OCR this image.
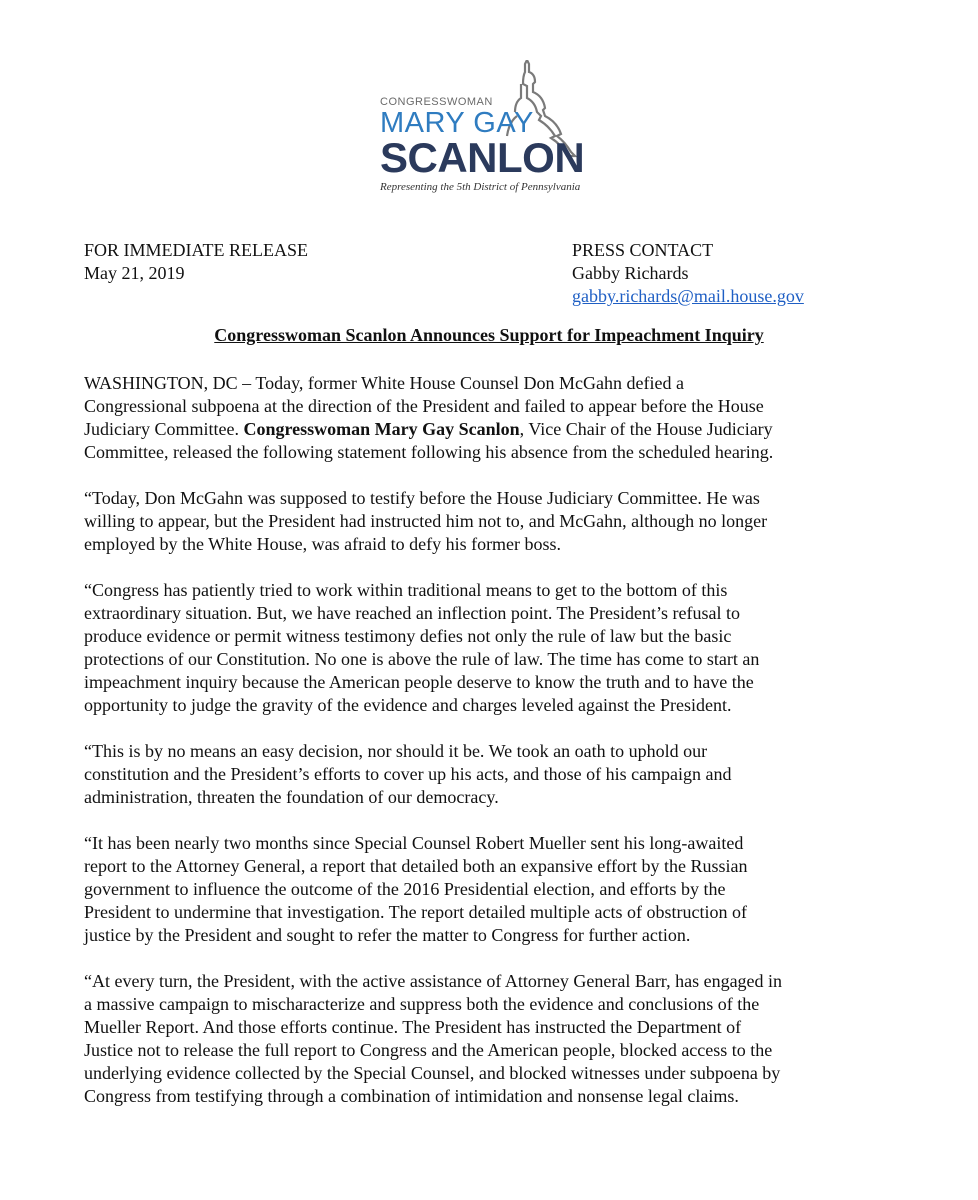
CONGRESSWOMAN
MARY GAY
SCANLON
Representing the 5th District of Pennsylvania
FOR IMMEDIATE RELEASE
May 21, 2019
PRESS CONTACT
Gabby Richards
gabby.richards@mail.house.gov
Congresswoman Scanlon Announces Support for Impeachment Inquiry

WASHINGTON, DC – Today, former White House Counsel Don McGahn defied a
Congressional subpoena at the direction of the President and failed to appear before the House
Judiciary Committee. Congresswoman Mary Gay Scanlon, Vice Chair of the House Judiciary
Committee, released the following statement following his absence from the scheduled hearing.

“Today, Don McGahn was supposed to testify before the House Judiciary Committee. He was
willing to appear, but the President had instructed him not to, and McGahn, although no longer
employed by the White House, was afraid to defy his former boss.

“Congress has patiently tried to work within traditional means to get to the bottom of this
extraordinary situation. But, we have reached an inflection point. The President’s refusal to
produce evidence or permit witness testimony defies not only the rule of law but the basic
protections of our Constitution. No one is above the rule of law. The time has come to start an
impeachment inquiry because the American people deserve to know the truth and to have the
opportunity to judge the gravity of the evidence and charges leveled against the President.

“This is by no means an easy decision, nor should it be. We took an oath to uphold our
constitution and the President’s efforts to cover up his acts, and those of his campaign and
administration, threaten the foundation of our democracy.

“It has been nearly two months since Special Counsel Robert Mueller sent his long-awaited
report to the Attorney General, a report that detailed both an expansive effort by the Russian
government to influence the outcome of the 2016 Presidential election, and efforts by the
President to undermine that investigation. The report detailed multiple acts of obstruction of
justice by the President and sought to refer the matter to Congress for further action.

“At every turn, the President, with the active assistance of Attorney General Barr, has engaged in
a massive campaign to mischaracterize and suppress both the evidence and conclusions of the
Mueller Report. And those efforts continue. The President has instructed the Department of
Justice not to release the full report to Congress and the American people, blocked access to the
underlying evidence collected by the Special Counsel, and blocked witnesses under subpoena by
Congress from testifying through a combination of intimidation and nonsense legal claims.
